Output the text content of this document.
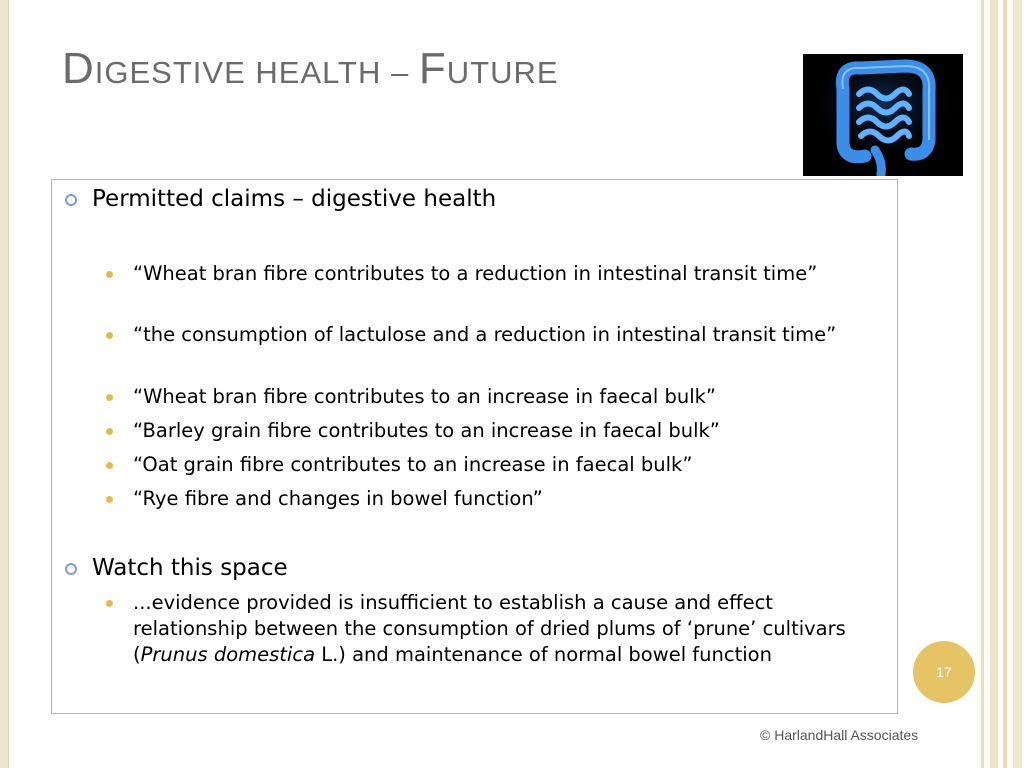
DIGESTIVE HEALTH – FUTURE
Permitted claims – digestive health
“Wheat bran fibre contributes to a reduction in intestinal transit time”
“the consumption of lactulose and a reduction in intestinal transit time”
“Wheat bran fibre contributes to an increase in faecal bulk”
“Barley grain fibre contributes to an increase in faecal bulk”
“Oat grain fibre contributes to an increase in faecal bulk”
“Rye fibre and changes in bowel function”
Watch this space
...evidence provided is insufficient to establish a cause and effect relationship between the consumption of dried plums of ‘prune’ cultivars (Prunus domestica L.) and maintenance of normal bowel function
17
© HarlandHall Associates
